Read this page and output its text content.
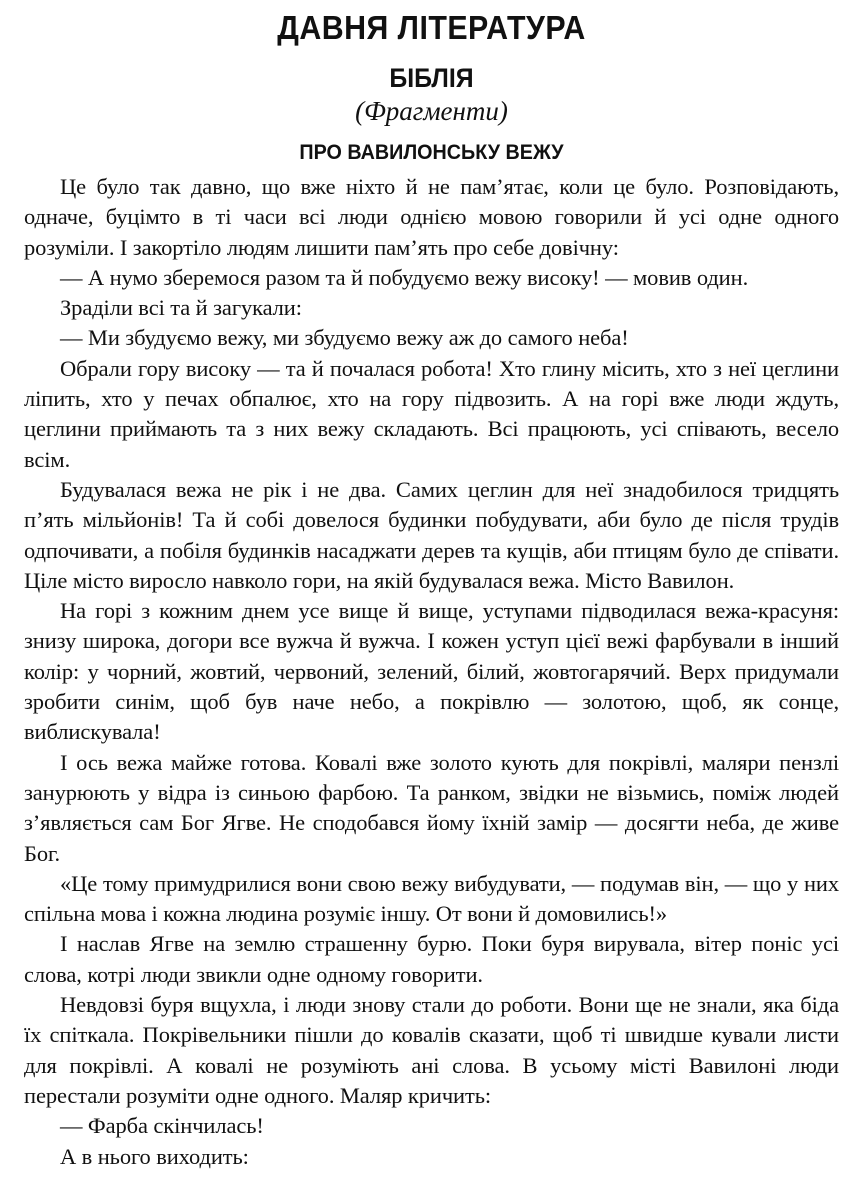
ДАВНЯ ЛІТЕРАТУРА
БІБЛІЯ
(Фрагменти)
ПРО ВАВИЛОНСЬКУ ВЕЖУ

Це було так давно, що вже ніхто й не пам’ятає, коли це було. Розповідають, одначе, буцімто в ті часи всі люди однією мовою говорили й усі одне одного розуміли. І закортіло людям лишити пам’ять про себе довічну:

— А нумо зберемося разом та й побудуємо вежу високу! — мовив один.

Зраділи всі та й загукали:

— Ми збудуємо вежу, ми збудуємо вежу аж до самого неба!

Обрали гору високу — та й почалася робота! Хто глину місить, хто з неї цеглини ліпить, хто у печах обпалює, хто на гору підвозить. А на горі вже люди ждуть, цеглини приймають та з них вежу складають. Всі працюють, усі співають, весело всім.

Будувалася вежа не рік і не два. Самих цеглин для неї знадобилося тридцять п’ять мільйонів! Та й собі довелося будинки побудувати, аби було де після трудів одпочивати, а побіля будинків насаджати дерев та кущів, аби птицям було де співати. Ціле місто виросло навколо гори, на якій будувалася вежа. Місто Вавилон.

На горі з кожним днем усе вище й вище, уступами підводилася вежа-красуня: знизу широка, догори все вужча й вужча. І кожен уступ цієї вежі фарбували в інший колір: у чорний, жовтий, червоний, зелений, білий, жовтогарячий. Верх придумали зробити синім, щоб був наче небо, а покрівлю — золотою, щоб, як сонце, виблискувала!

І ось вежа майже готова. Ковалі вже золото кують для покрівлі, маляри пензлі занурюють у відра із синьою фарбою. Та ранком, звідки не візьмись, поміж людей з’являється сам Бог Ягве. Не сподобався йому їхній замір — досягти неба, де живе Бог.

«Це тому примудрилися вони свою вежу вибудувати, — подумав він, — що у них спільна мова і кожна людина розуміє іншу. От вони й домовились!»

І наслав Ягве на землю страшенну бурю. Поки буря вирувала, вітер поніс усі слова, котрі люди звикли одне одному говорити.

Невдовзі буря вщухла, і люди знову стали до роботи. Вони ще не знали, яка біда їх спіткала. Покрівельники пішли до ковалів сказати, щоб ті швидше кували листи для покрівлі. А ковалі не розуміють ані слова. В усьому місті Вавилоні люди перестали розуміти одне одного. Маляр кричить:

— Фарба скінчилась!

А в нього виходить:
